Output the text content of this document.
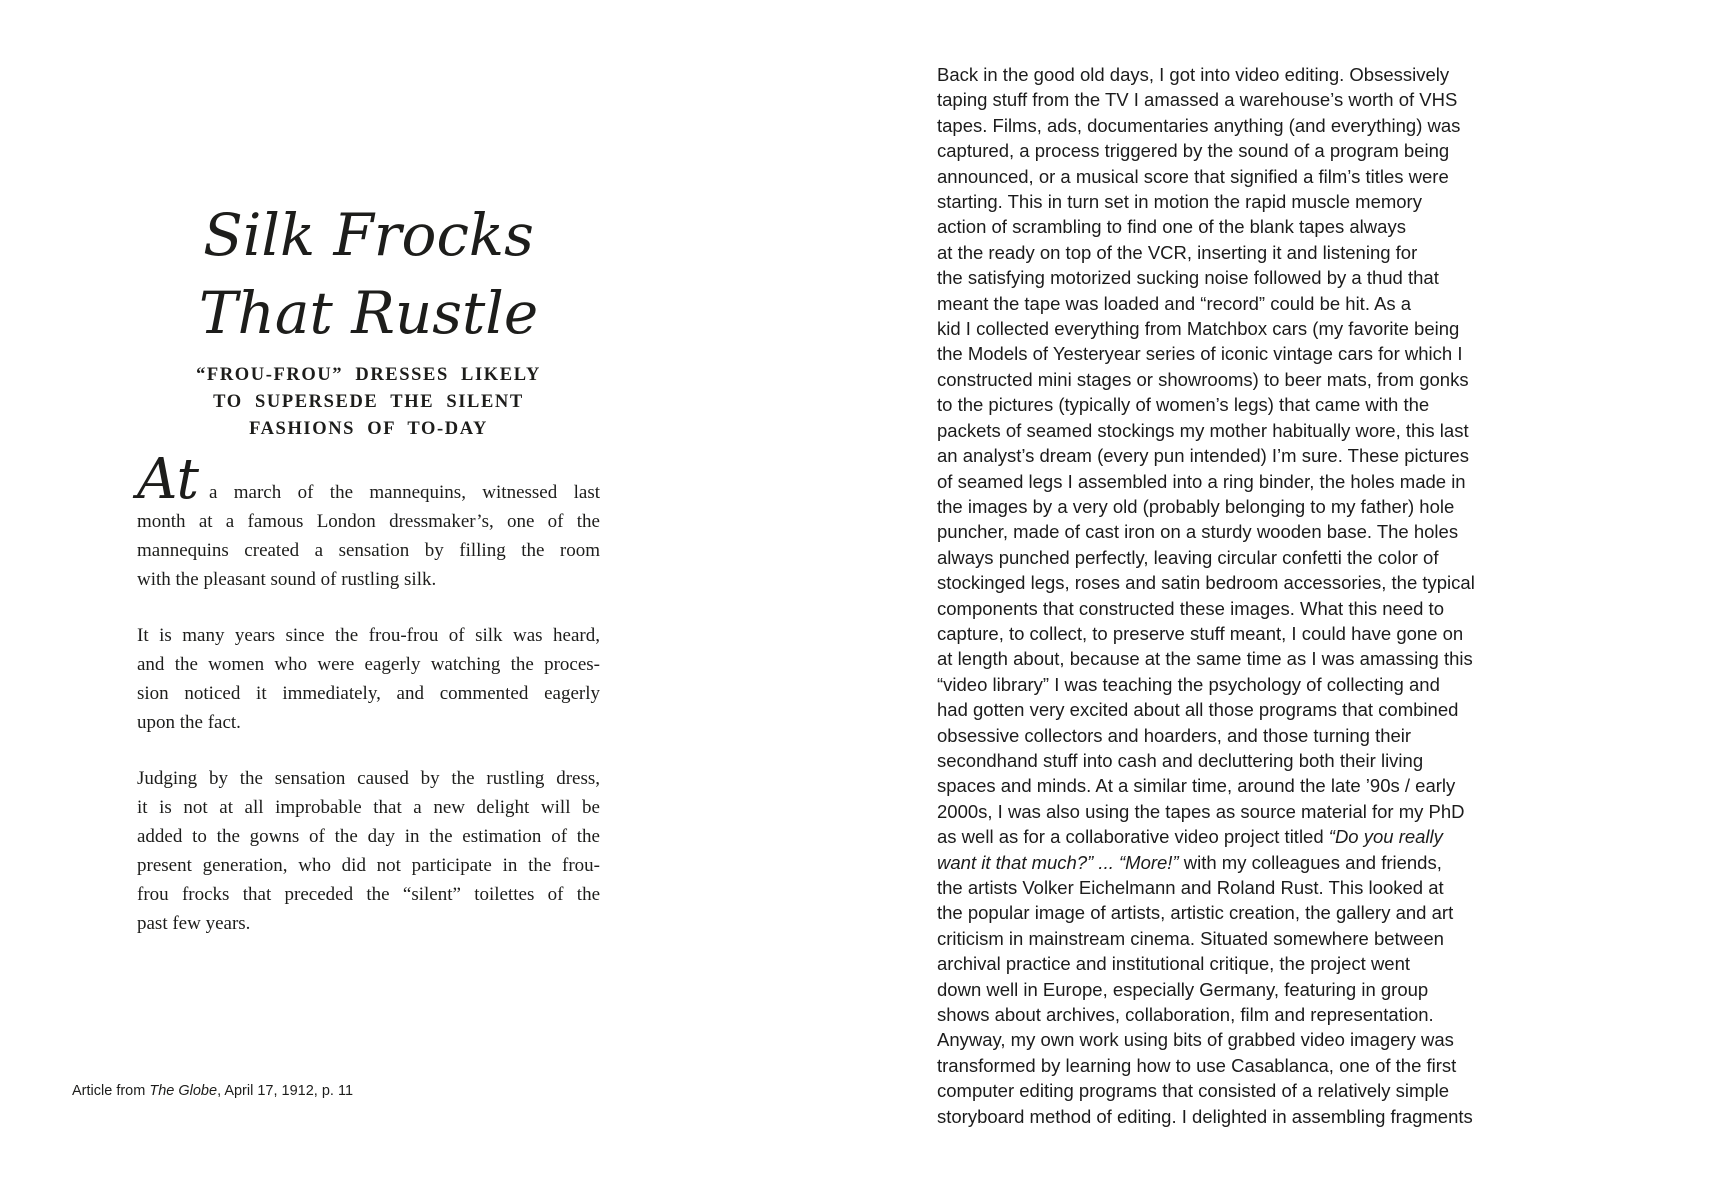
Silk Frocks
That Rustle
“FROU-FROU” DRESSES LIKELY
TO SUPERSEDE THE SILENT
FASHIONS OF TO-DAY
At a march of the mannequins, witnessed last
month at a famous London dressmaker’s, one of the
mannequins created a sensation by filling the room
with the pleasant sound of rustling silk.
It is many years since the frou-frou of silk was heard,
and the women who were eagerly watching the proces-
sion noticed it immediately, and commented eagerly
upon the fact.
Judging by the sensation caused by the rustling dress,
it is not at all improbable that a new delight will be
added to the gowns of the day in the estimation of the
present generation, who did not participate in the frou-
frou frocks that preceded the “silent” toilettes of the
past few years.
Article from The Globe, April 17, 1912, p. 11
Back in the good old days, I got into video editing. Obsessively
taping stuff from the TV I amassed a warehouse’s worth of VHS
tapes. Films, ads, documentaries anything (and everything) was
captured, a process triggered by the sound of a program being
announced, or a musical score that signified a film’s titles were
starting. This in turn set in motion the rapid muscle memory
action of scrambling to find one of the blank tapes always
at the ready on top of the VCR, inserting it and listening for
the satisfying motorized sucking noise followed by a thud that
meant the tape was loaded and “record” could be hit. As a
kid I collected everything from Matchbox cars (my favorite being
the Models of Yesteryear series of iconic vintage cars for which I
constructed mini stages or showrooms) to beer mats, from gonks
to the pictures (typically of women’s legs) that came with the
packets of seamed stockings my mother habitually wore, this last
an analyst’s dream (every pun intended) I’m sure. These pictures
of seamed legs I assembled into a ring binder, the holes made in
the images by a very old (probably belonging to my father) hole
puncher, made of cast iron on a sturdy wooden base. The holes
always punched perfectly, leaving circular confetti the color of
stockinged legs, roses and satin bedroom accessories, the typical
components that constructed these images. What this need to
capture, to collect, to preserve stuff meant, I could have gone on
at length about, because at the same time as I was amassing this
“video library” I was teaching the psychology of collecting and
had gotten very excited about all those programs that combined
obsessive collectors and hoarders, and those turning their
secondhand stuff into cash and decluttering both their living
spaces and minds. At a similar time, around the late ’90s / early
2000s, I was also using the tapes as source material for my PhD
as well as for a collaborative video project titled “Do you really
want it that much?” ... “More!” with my colleagues and friends,
the artists Volker Eichelmann and Roland Rust. This looked at
the popular image of artists, artistic creation, the gallery and art
criticism in mainstream cinema. Situated somewhere between
archival practice and institutional critique, the project went
down well in Europe, especially Germany, featuring in group
shows about archives, collaboration, film and representation.
Anyway, my own work using bits of grabbed video imagery was
transformed by learning how to use Casablanca, one of the first
computer editing programs that consisted of a relatively simple
storyboard method of editing. I delighted in assembling fragments
